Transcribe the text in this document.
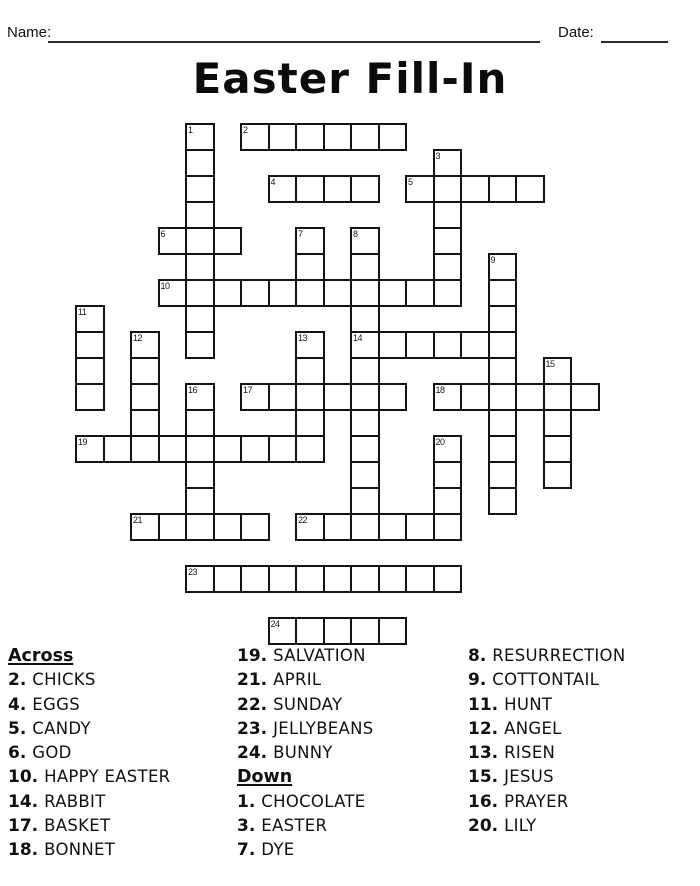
Name:	Date:
Easter Fill-In
1	2
3
4	5
6	7	8
14
9
10
11
12	13
15
16	17	18
19	20
21	22
23
24
Across
2. CHICKS
4. EGGS
5. CANDY
6. GOD
10. HAPPY EASTER
14. RABBIT
17. BASKET
18. BONNET
19. SALVATION
21. APRIL
22. SUNDAY
23. JELLYBEANS
24. BUNNY
Down
1. CHOCOLATE
3. EASTER
7. DYE
8. RESURRECTION
9. COTTONTAIL
11. HUNT
12. ANGEL
13. RISEN
15. JESUS
16. PRAYER
20. LILY
